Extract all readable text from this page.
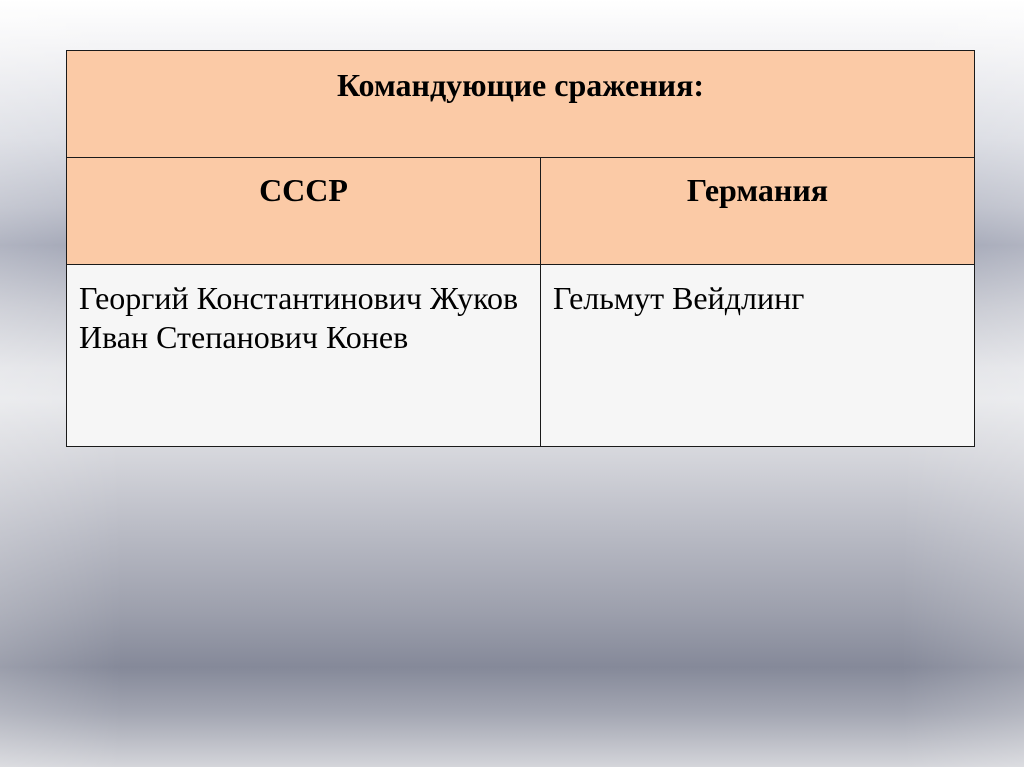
Командующие сражения:	
СССР	Германия

Георгий Константинович Жуков
Иван Степанович Конев	Гельмут Вейдлинг
